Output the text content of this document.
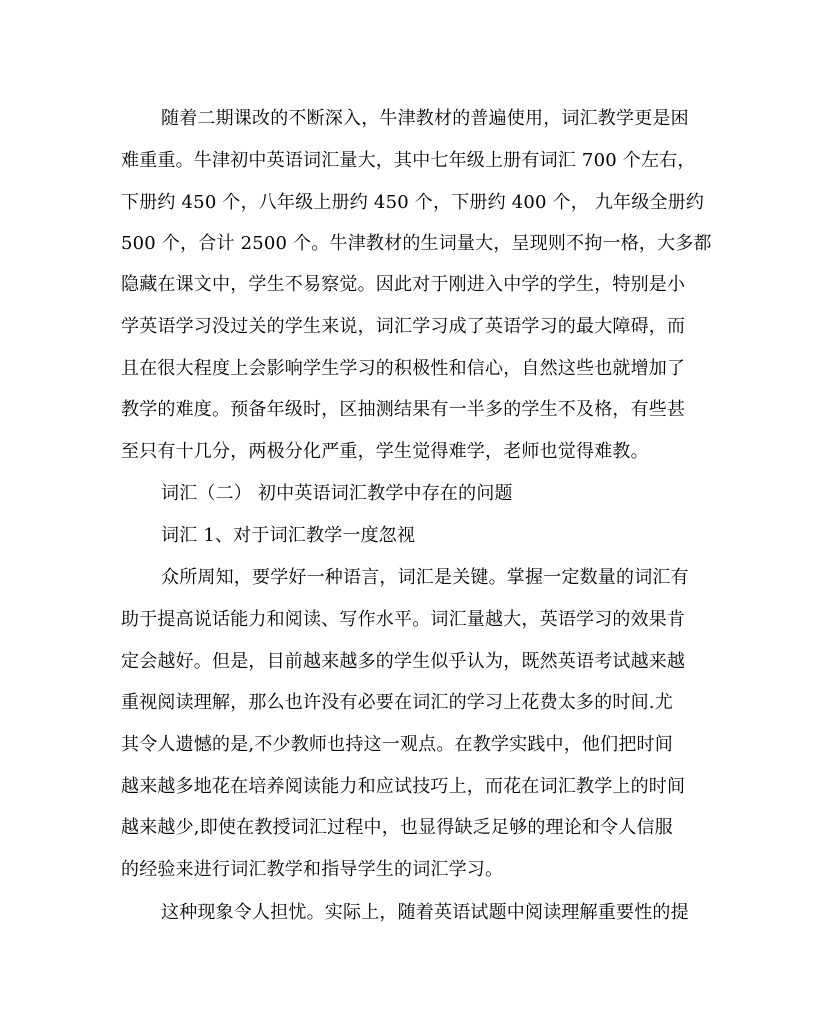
随着二期课改的不断深入，牛津教材的普遍使用，词汇教学更是困
难重重。牛津初中英语词汇量大，其中七年级上册有词汇 700 个左右，
下册约 450 个，八年级上册约 450 个，下册约 400 个， 九年级全册约
500 个，合计 2500 个。牛津教材的生词量大，呈现则不拘一格，大多都
隐藏在课文中，学生不易察觉。因此对于刚进入中学的学生，特别是小
学英语学习没过关的学生来说，词汇学习成了英语学习的最大障碍，而
且在很大程度上会影响学生学习的积极性和信心，自然这些也就增加了
教学的难度。预备年级时，区抽测结果有一半多的学生不及格，有些甚
至只有十几分，两极分化严重，学生觉得难学，老师也觉得难教。
词汇（二） 初中英语词汇教学中存在的问题
词汇 1、对于词汇教学一度忽视
众所周知，要学好一种语言，词汇是关键。掌握一定数量的词汇有
助于提高说话能力和阅读、写作水平。词汇量越大，英语学习的效果肯
定会越好。但是，目前越来越多的学生似乎认为，既然英语考试越来越
重视阅读理解，那么也许没有必要在词汇的学习上花费太多的时间.尤
其令人遗憾的是,不少教师也持这一观点。在教学实践中，他们把时间
越来越多地花在培养阅读能力和应试技巧上，而花在词汇教学上的时间
越来越少,即使在教授词汇过程中，也显得缺乏足够的理论和令人信服
的经验来进行词汇教学和指导学生的词汇学习。
这种现象令人担忧。实际上，随着英语试题中阅读理解重要性的提
